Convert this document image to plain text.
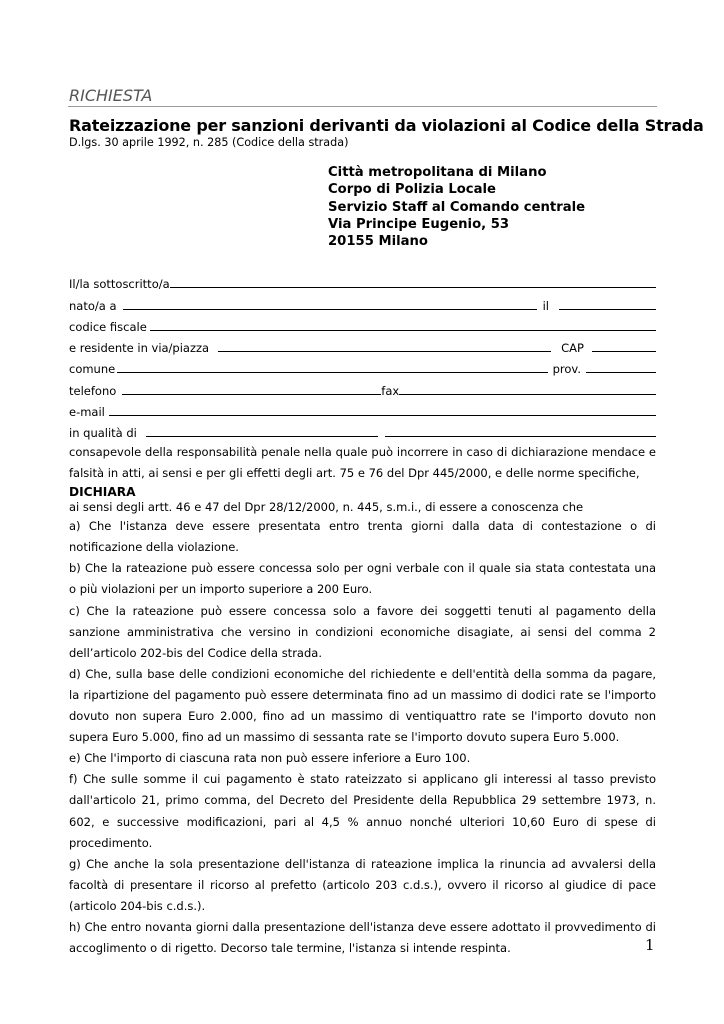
RICHIESTA
Rateizzazione per sanzioni derivanti da violazioni al Codice della Strada
D.lgs. 30 aprile 1992, n. 285 (Codice della strada)
Città metropolitana di Milano
Corpo di Polizia Locale
Servizio Staff al Comando centrale
Via Principe Eugenio, 53
20155 Milano
Il/la sottoscritto/a
nato/a a	il
codice fiscale
e residente in via/piazza	CAP
comune	prov.
telefono	fax
e-mail
in qualità di

consapevole della responsabilità penale nella quale può incorrere in caso di dichiarazione mendace e falsità in atti, ai sensi e per gli effetti degli art. 75 e 76 del Dpr 445/2000, e delle norme specifiche,

DICHIARA

ai sensi degli artt. 46 e 47 del Dpr 28/12/2000, n. 445, s.m.i., di essere a conoscenza che

a) Che l'istanza deve essere presentata entro trenta giorni dalla data di contestazione o di notificazione della violazione.

b) Che la rateazione può essere concessa solo per ogni verbale con il quale sia stata contestata una o più violazioni per un importo superiore a 200 Euro.

c) Che la rateazione può essere concessa solo a favore dei soggetti tenuti al pagamento della sanzione amministrativa che versino in condizioni economiche disagiate, ai sensi del comma 2 dell’articolo 202-bis del Codice della strada.

d) Che, sulla base delle condizioni economiche del richiedente e dell'entità della somma da pagare, la ripartizione del pagamento può essere determinata fino ad un massimo di dodici rate se l'importo dovuto non supera Euro 2.000, fino ad un massimo di ventiquattro rate se l'importo dovuto non supera Euro 5.000, fino ad un massimo di sessanta rate se l'importo dovuto supera Euro 5.000.

e) Che l'importo di ciascuna rata non può essere inferiore a Euro 100.

f) Che sulle somme il cui pagamento è stato rateizzato si applicano gli interessi al tasso previsto dall'articolo 21, primo comma, del Decreto del Presidente della Repubblica 29 settembre 1973, n. 602, e successive modificazioni, pari al 4,5 % annuo nonché ulteriori 10,60 Euro di spese di procedimento.

g) Che anche la sola presentazione dell'istanza di rateazione implica la rinuncia ad avvalersi della facoltà di presentare il ricorso al prefetto (articolo 203 c.d.s.), ovvero il ricorso al giudice di pace (articolo 204-bis c.d.s.).

h) Che entro novanta giorni dalla presentazione dell'istanza deve essere adottato il provvedimento di accoglimento o di rigetto. Decorso tale termine, l'istanza si intende respinta.	1
